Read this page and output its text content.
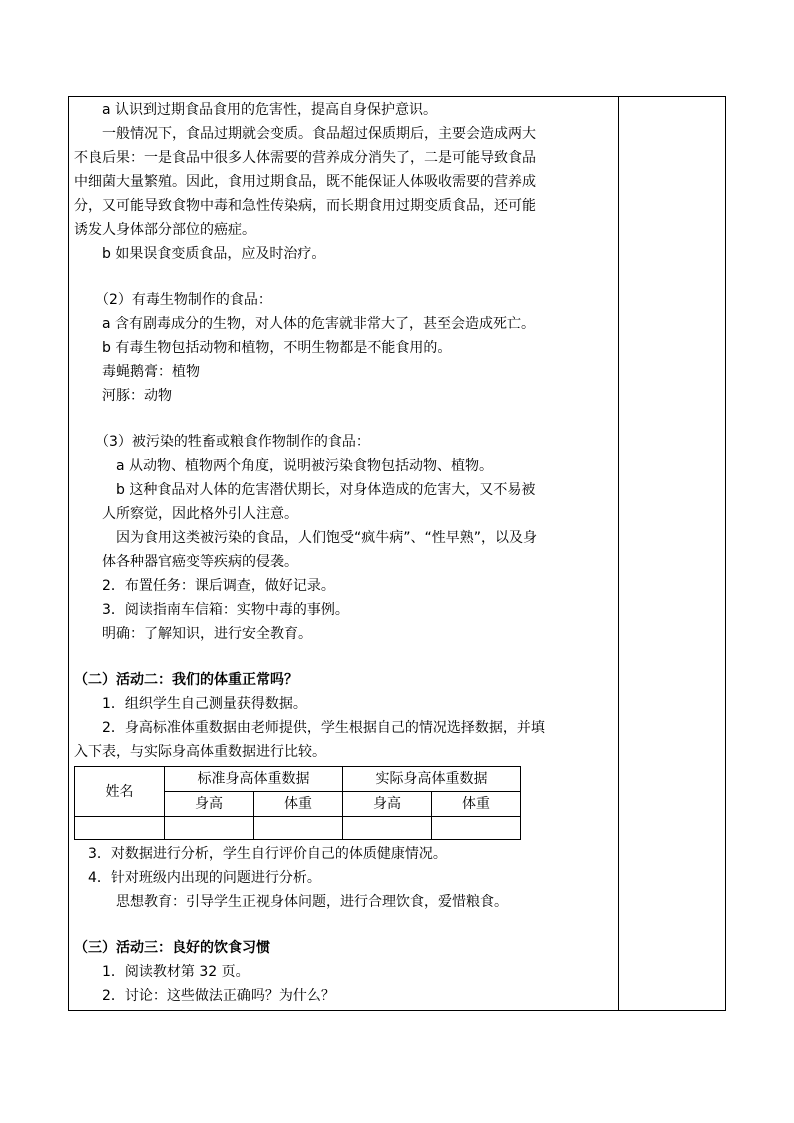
　　a 认识到过期食品食用的危害性，提高自身保护意识。

　　一般情况下，食品过期就会变质。食品超过保质期后，主要会造成两大

不良后果：一是食品中很多人体需要的营养成分消失了，二是可能导致食品

中细菌大量繁殖。因此，食用过期食品，既不能保证人体吸收需要的营养成

分，又可能导致食物中毒和急性传染病，而长期食用过期变质食品，还可能

诱发人身体部分部位的癌症。

　　b 如果误食变质食品，应及时治疗。

　　（2）有毒生物制作的食品：

　　a 含有剧毒成分的生物，对人体的危害就非常大了，甚至会造成死亡。

　　b 有毒生物包括动物和植物，不明生物都是不能食用的。

　　毒蝇鹅膏：植物

　　河豚：动物

　　（3）被污染的牲畜或粮食作物制作的食品：

　　　a 从动物、植物两个角度，说明被污染食物包括动物、植物。

　　　b 这种食品对人体的危害潜伏期长，对身体造成的危害大，又不易被

　　人所察觉，因此格外引人注意。

　　　因为食用这类被污染的食品，人们饱受“疯牛病”、“性早熟”，以及身

　　体各种器官癌变等疾病的侵袭。

　　2．布置任务：课后调查，做好记录。

　　3．阅读指南车信箱：实物中毒的事例。

　　明确：了解知识，进行安全教育。

（二）活动二：我们的体重正常吗？

　　1．组织学生自己测量获得数据。

　　2．身高标准体重数据由老师提供，学生根据自己的情况选择数据，并填

入下表，与实际身高体重数据进行比较。

姓名	标准身高体重数据		实际身高体重数据	
	身高	体重	身高	体重

　3．对数据进行分析，学生自行评价自己的体质健康情况。

　4．针对班级内出现的问题进行分析。

　　　思想教育：引导学生正视身体问题，进行合理饮食，爱惜粮食。

（三）活动三：良好的饮食习惯

　　1．阅读教材第 32 页。

　　2．讨论：这些做法正确吗？为什么？
